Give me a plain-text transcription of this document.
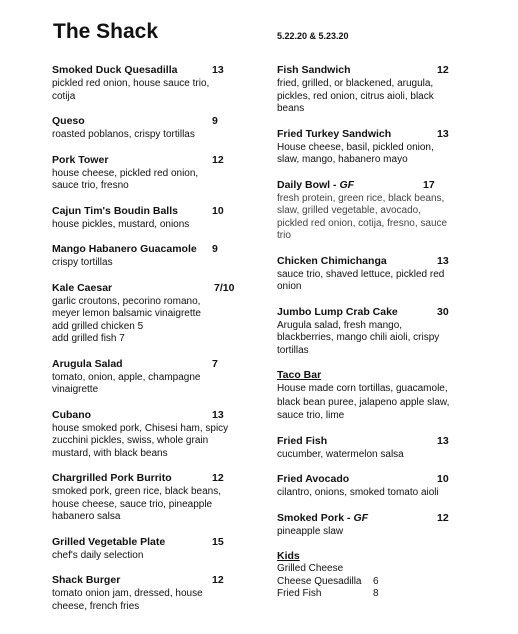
The Shack	5.22.20 & 5.23.20
Smoked Duck Quesadilla	13
pickled red onion, house sauce trio,
cotija
Queso	9
roasted poblanos, crispy tortillas
Pork Tower	12
house cheese, pickled red onion,
sauce trio, fresno
Cajun Tim's Boudin Balls	10
house pickles, mustard, onions
Mango Habanero Guacamole 9
crispy tortillas
Kale Caesar	7/10
garlic croutons, pecorino romano,
meyer lemon balsamic vinaigrette
add grilled chicken 5
add grilled fish 7
Arugula Salad	7
tomato, onion, apple, champagne
vinaigrette
Cubano	13
house smoked pork, Chisesi ham, spicy
zucchini pickles, swiss, whole grain
mustard, with black beans
Chargrilled Pork Burrito	12
smoked pork, green rice, black beans,
house cheese, sauce trio, pineapple
habanero salsa
Grilled Vegetable Plate	15
chef's daily selection
Shack Burger	12
tomato onion jam, dressed, house
cheese, french fries
Fish Sandwich	12
fried, grilled, or blackened, arugula,
pickles, red onion, citrus aioli, black
beans
Fried Turkey Sandwich	13
House cheese, basil, pickled onion,
slaw, mango, habanero mayo
Daily Bowl - GF	17
fresh protein, green rice, black beans,
slaw, grilled vegetable, avocado,
pickled red onion, cotija, fresno, sauce
trio
Chicken Chimichanga	13
sauce trio, shaved lettuce, pickled red
onion
Jumbo Lump Crab Cake	30
Arugula salad, fresh mango,
blackberries, mango chili aioli, crispy
tortillas
Taco Bar
House made corn tortillas, guacamole,
black bean puree, jalapeno apple slaw,
sauce trio, lime
Fried Fish	13
cucumber, watermelon salsa
Fried Avocado	10
cilantro, onions, smoked tomato aioli
Smoked Pork - GF	12
pineapple slaw
Kids
Grilled Cheese
Cheese Quesadilla 6
Fried Fish	8
